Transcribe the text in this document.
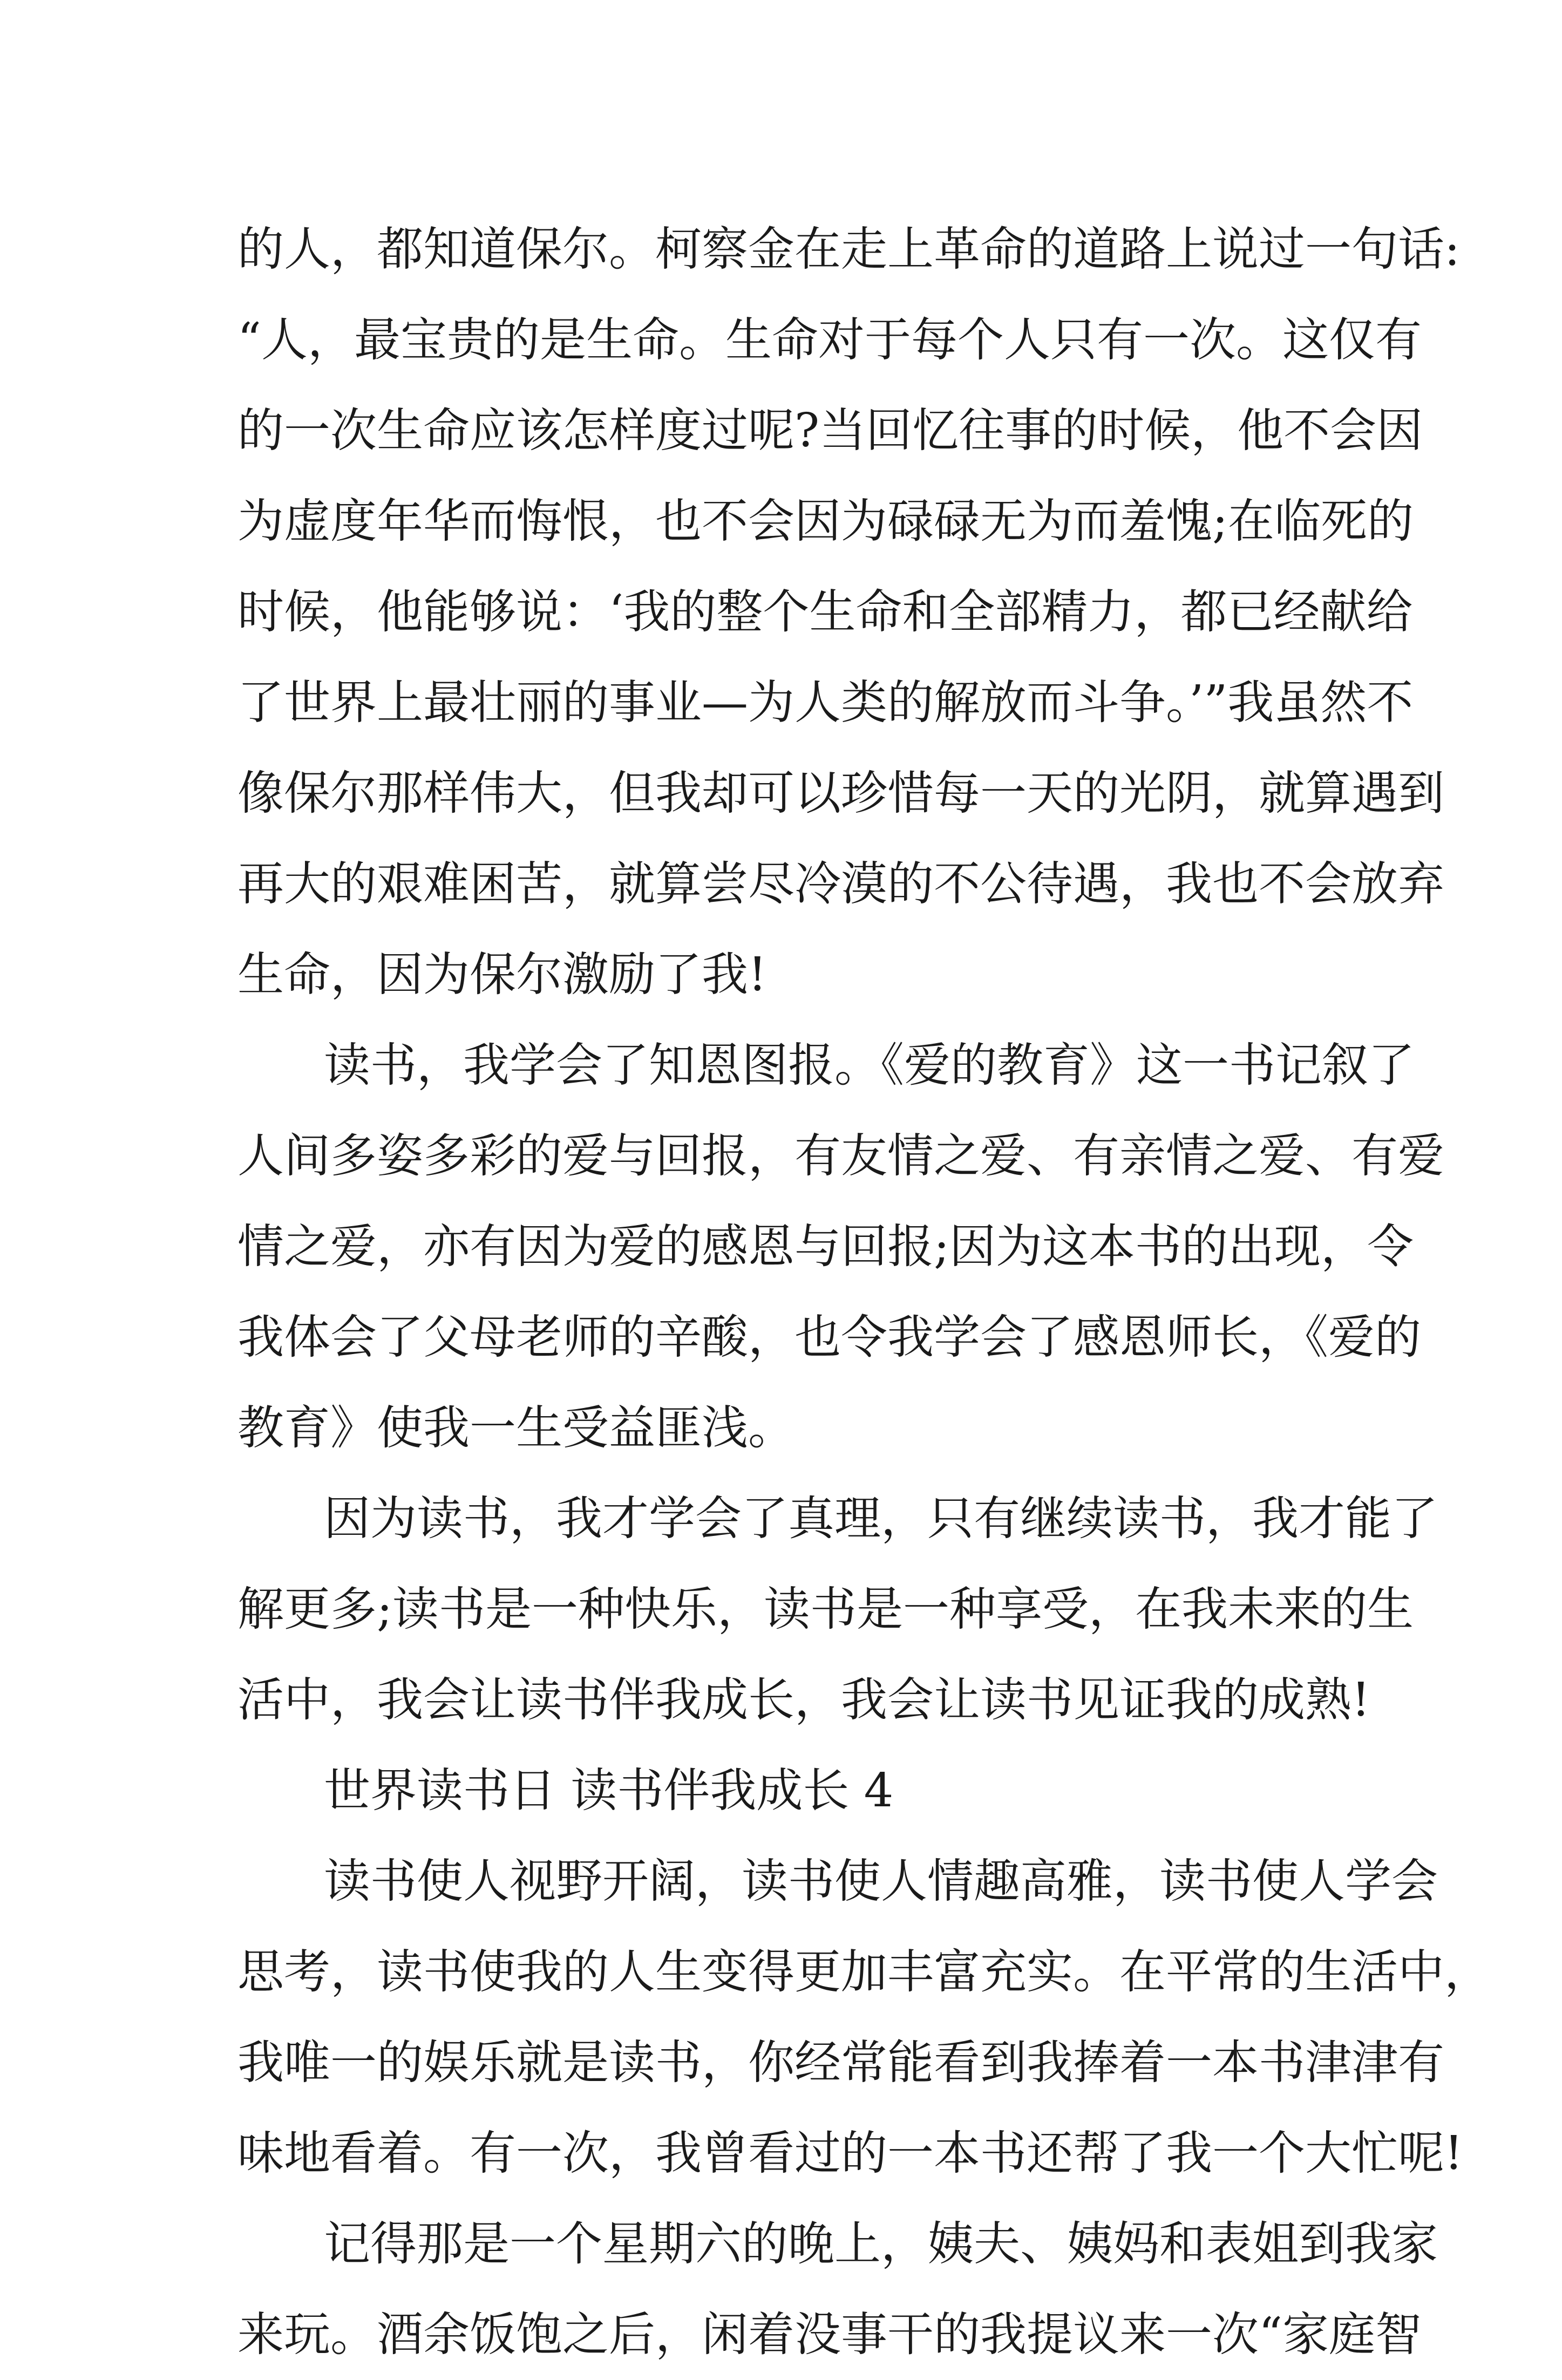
的人，都知道保尔。柯察金在走上革命的道路上说过一句话:
“人，最宝贵的是生命。生命对于每个人只有一次。这仅有
的一次生命应该怎样度过呢?当回忆往事的时候，他不会因
为虚度年华而悔恨，也不会因为碌碌无为而羞愧;在临死的
时候，他能够说：‘我的整个生命和全部精力，都已经献给
了世界上最壮丽的事业—为人类的解放而斗争。’”我虽然不
像保尔那样伟大，但我却可以珍惜每一天的光阴，就算遇到
再大的艰难困苦，就算尝尽冷漠的不公待遇，我也不会放弃
生命，因为保尔激励了我!
读书，我学会了知恩图报。《爱的教育》这一书记叙了
人间多姿多彩的爱与回报，有友情之爱、有亲情之爱、有爱
情之爱，亦有因为爱的感恩与回报;因为这本书的出现，令
我体会了父母老师的辛酸，也令我学会了感恩师长，《爱的
教育》使我一生受益匪浅。
因为读书，我才学会了真理，只有继续读书，我才能了
解更多;读书是一种快乐，读书是一种享受，在我未来的生
活中，我会让读书伴我成长，我会让读书见证我的成熟!
世界读书日 读书伴我成长 4
读书使人视野开阔，读书使人情趣高雅，读书使人学会
思考，读书使我的人生变得更加丰富充实。在平常的生活中，
我唯一的娱乐就是读书，你经常能看到我捧着一本书津津有
味地看着。有一次，我曾看过的一本书还帮了我一个大忙呢!
记得那是一个星期六的晚上，姨夫、姨妈和表姐到我家
来玩。酒余饭饱之后，闲着没事干的我提议来一次“家庭智
